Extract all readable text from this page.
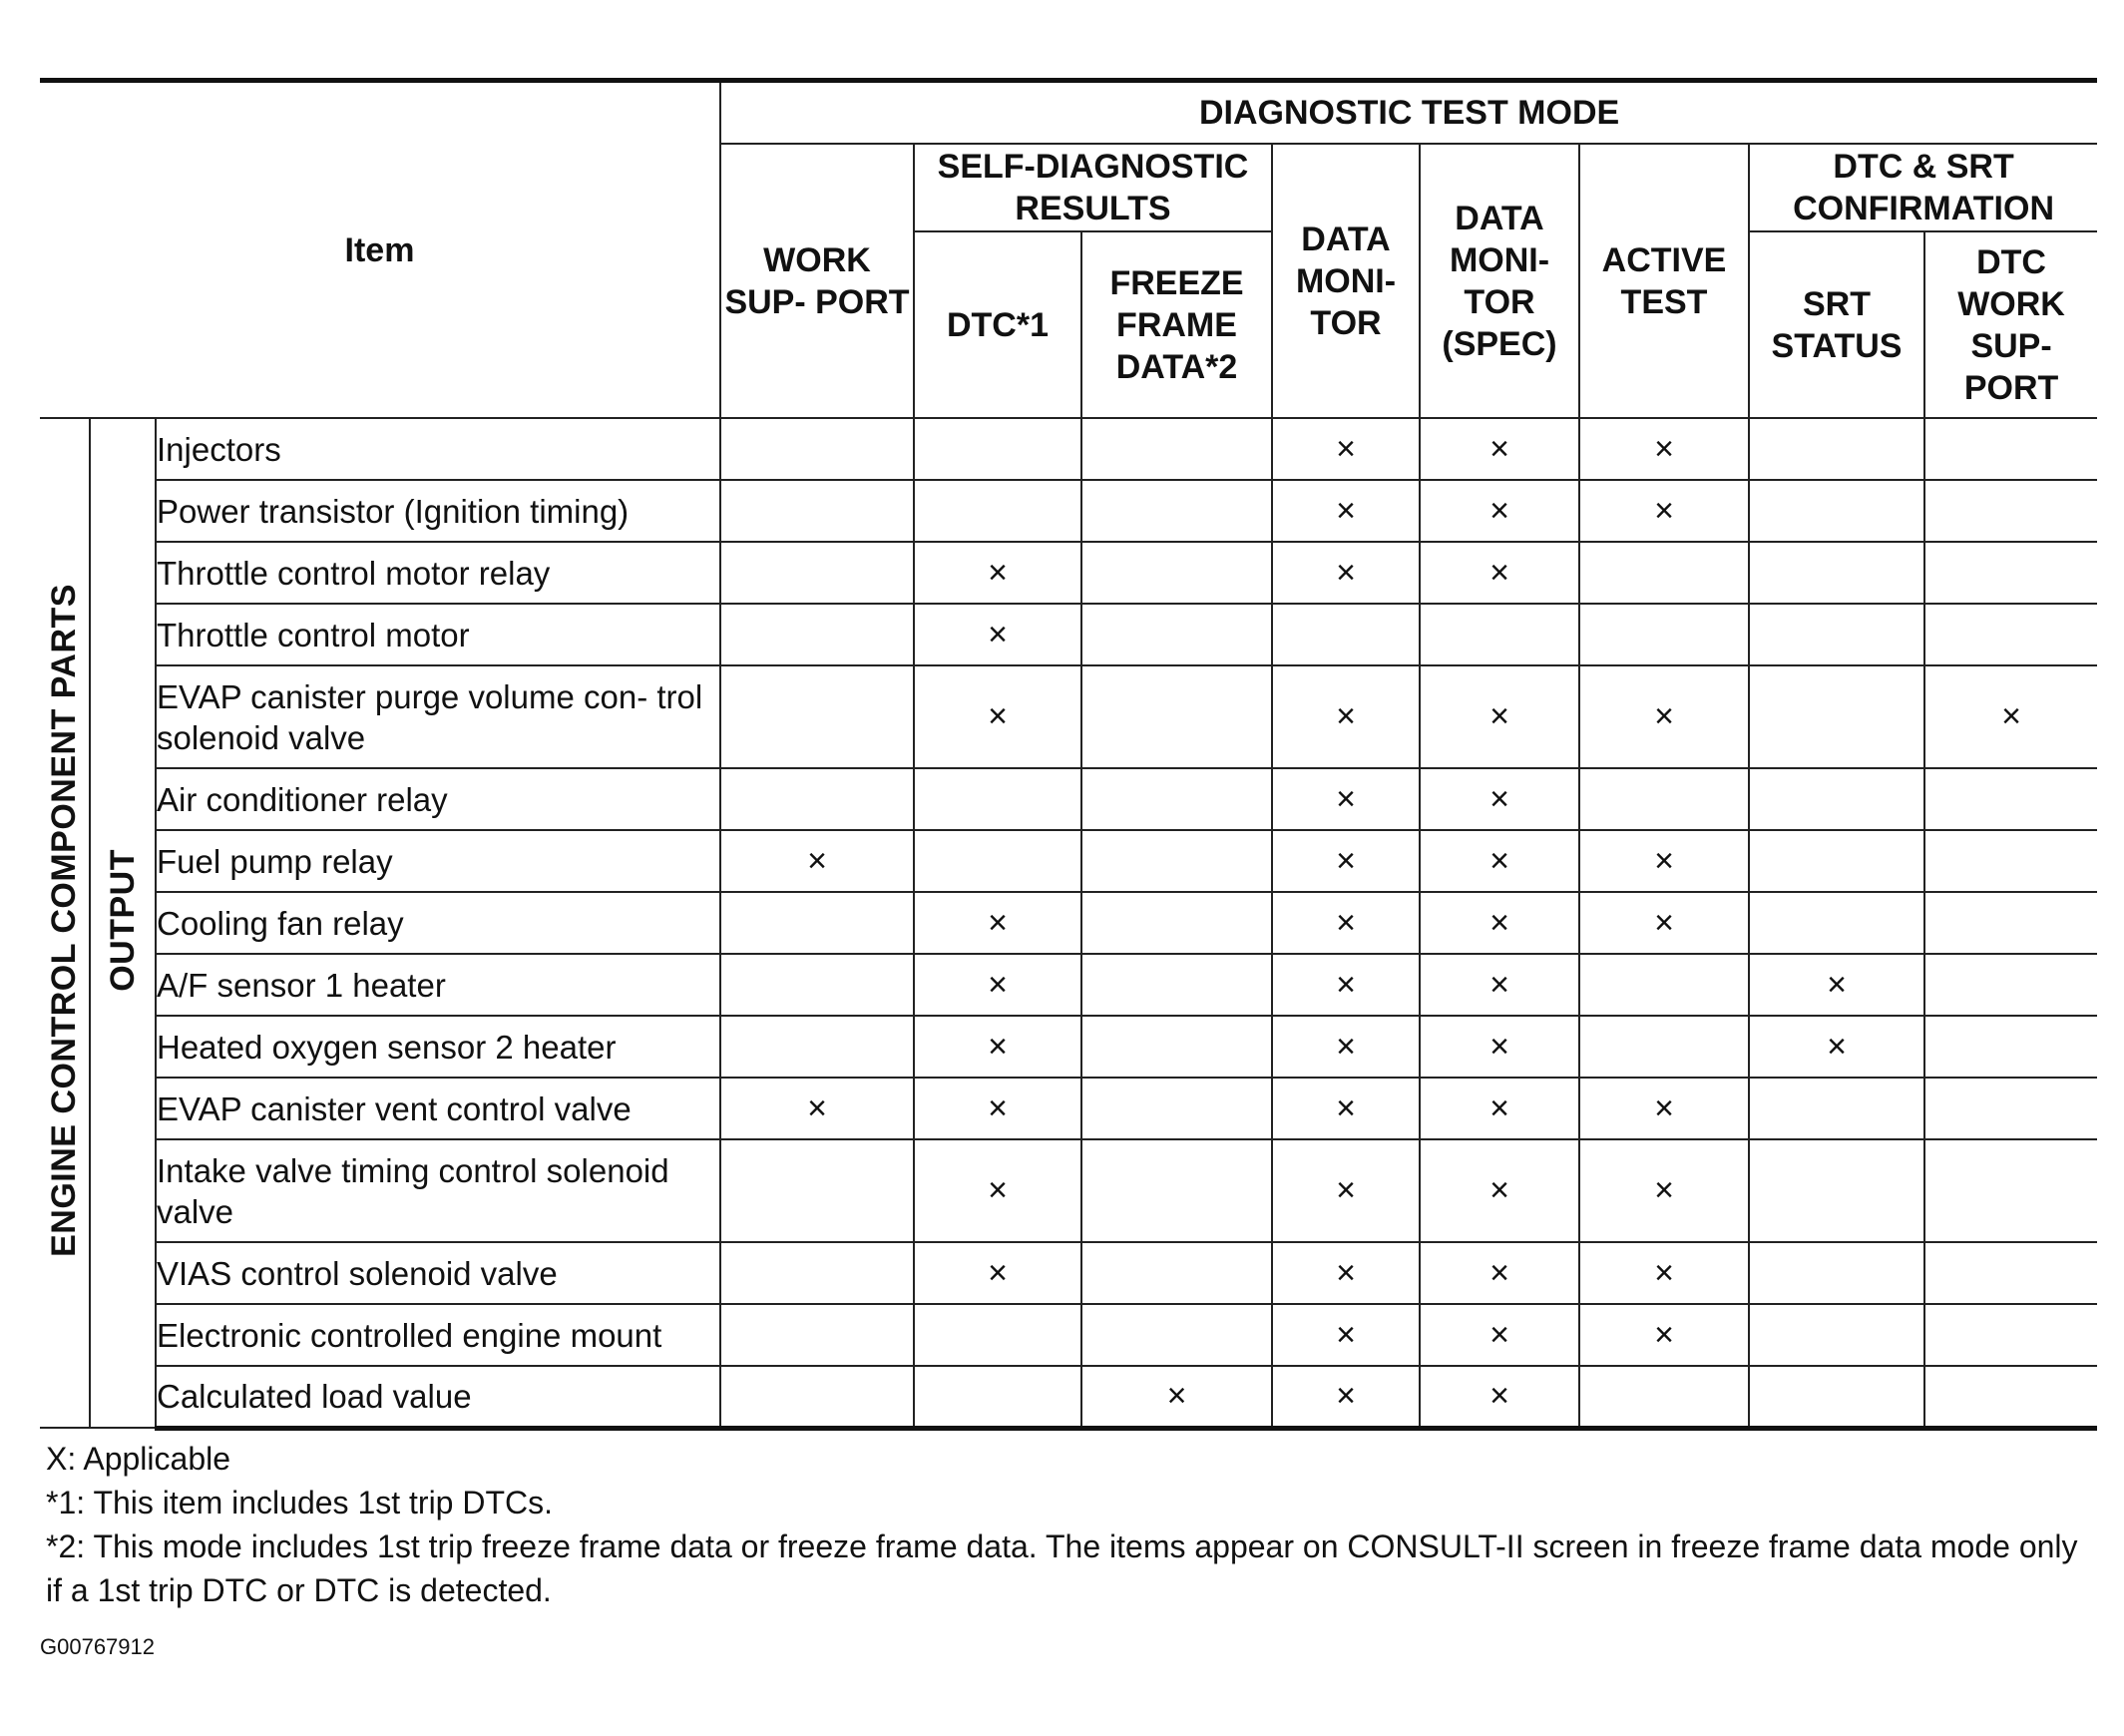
Item			DIAGNOSTIC TEST MODE							
			WORK SUP- PORT	SELF-DIAGNOSTIC RESULTS		DATA MONI- TOR	DATA MONI- TOR (SPEC)	ACTIVE TEST	DTC & SRT CONFIRMATION	
				DTC*1	FREEZE FRAME DATA*2				SRT STATUS	DTC WORK SUP- PORT
ENGINE CONTROL COMPONENT PARTS	OUTPUT	Injectors				×	×	×		
		Power transistor (Ignition timing)				×	×	×		
		Throttle control motor relay		×		×	×			
		Throttle control motor		×						
		EVAP canister purge volume con- trol solenoid valve		×		×	×	×		×
		Air conditioner relay				×	×			
		Fuel pump relay	×			×	×	×		
		Cooling fan relay		×		×	×	×		
		A/F sensor 1 heater		×		×	×		×	
		Heated oxygen sensor 2 heater		×		×	×		×	
		EVAP canister vent control valve	×	×		×	×	×		
		Intake valve timing control solenoid valve		×		×	×	×		
		VIAS control solenoid valve		×		×	×	×		
		Electronic controlled engine mount				×	×	×		
		Calculated load value			×	×	×			
X: Applicable
*1: This item includes 1st trip DTCs.
*2: This mode includes 1st trip freeze frame data or freeze frame data. The items appear on CONSULT-II screen in freeze frame data mode only if a 1st trip DTC or DTC is detected.
G00767912
